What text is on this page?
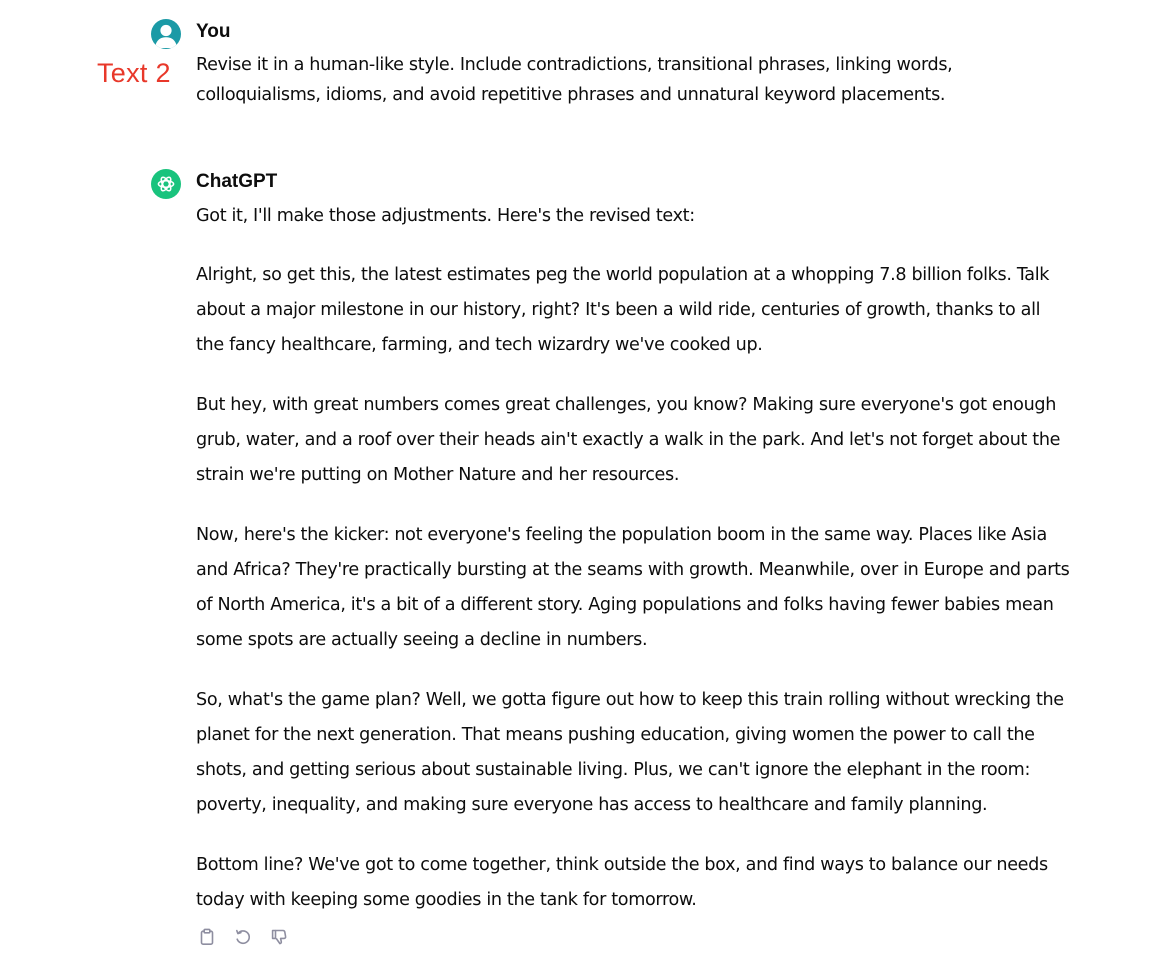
Text 2
You
Revise it in a human-like style. Include contradictions, transitional phrases, linking words, colloquialisms, idioms, and avoid repetitive phrases and unnatural keyword placements.
ChatGPT
Got it, I'll make those adjustments. Here's the revised text:

Alright, so get this, the latest estimates peg the world population at a whopping 7.8 billion folks. Talk about a major milestone in our history, right? It's been a wild ride, centuries of growth, thanks to all the fancy healthcare, farming, and tech wizardry we've cooked up.

But hey, with great numbers comes great challenges, you know? Making sure everyone's got enough grub, water, and a roof over their heads ain't exactly a walk in the park. And let's not forget about the strain we're putting on Mother Nature and her resources.

Now, here's the kicker: not everyone's feeling the population boom in the same way. Places like Asia and Africa? They're practically bursting at the seams with growth. Meanwhile, over in Europe and parts of North America, it's a bit of a different story. Aging populations and folks having fewer babies mean some spots are actually seeing a decline in numbers.

So, what's the game plan? Well, we gotta figure out how to keep this train rolling without wrecking the planet for the next generation. That means pushing education, giving women the power to call the shots, and getting serious about sustainable living. Plus, we can't ignore the elephant in the room: poverty, inequality, and making sure everyone has access to healthcare and family planning.

Bottom line? We've got to come together, think outside the box, and find ways to balance our needs today with keeping some goodies in the tank for tomorrow.
